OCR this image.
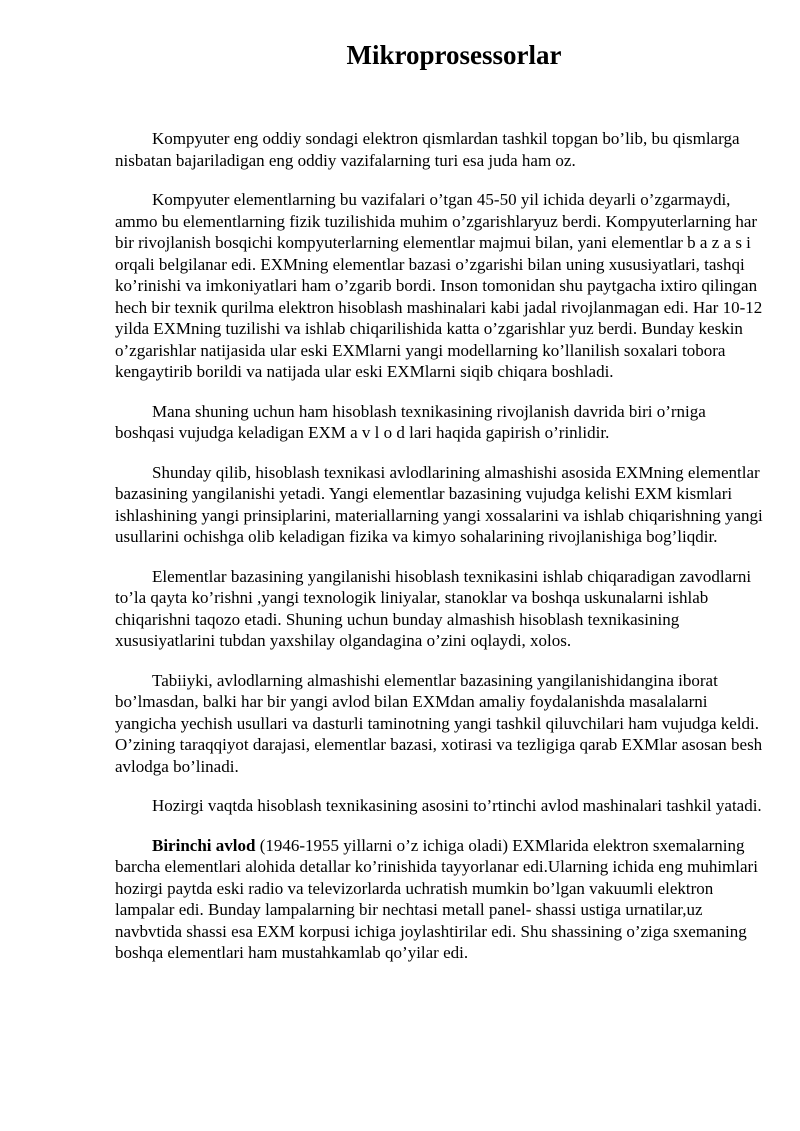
Mikroprosessorlar

Kompyuter eng oddiy sondagi elektron qismlardan tashkil topgan bo’lib, bu qismlarga nisbatan bajariladigan eng oddiy vazifalarning turi esa juda ham oz.

Kompyuter elementlarning bu vazifalari o’tgan 45-50 yil ichida deyarli o’zgarmaydi, ammo bu elementlarning fizik tuzilishida muhim o’zgarishlaryuz berdi. Kompyuterlarning har bir rivojlanish bosqichi kompyuterlarning elementlar majmui bilan, yani elementlar b a z a s i orqali belgilanar edi. EXMning elementlar bazasi o’zgarishi bilan uning xususiyatlari, tashqi ko’rinishi va imkoniyatlari ham o’zgarib bordi. Inson tomonidan shu paytgacha ixtiro qilingan hech bir texnik qurilma elektron hisoblash mashinalari kabi jadal rivojlanmagan edi. Har 10-12 yilda EXMning tuzilishi va ishlab chiqarilishida katta o’zgarishlar yuz berdi. Bunday keskin o’zgarishlar natijasida ular eski EXMlarni yangi modellarning ko’llanilish soxalari tobora kengaytirib borildi va natijada ular eski EXMlarni siqib chiqara boshladi.

Mana shuning uchun ham hisoblash texnikasining rivojlanish davrida biri o’rniga boshqasi vujudga keladigan EXM a v l o d lari haqida gapirish o’rinlidir.

Shunday qilib, hisoblash texnikasi avlodlarining almashishi asosida EXMning elementlar bazasining yangilanishi yetadi. Yangi elementlar bazasining vujudga kelishi EXM kismlari ishlashining yangi prinsiplarini, materiallarning yangi xossalarini va ishlab chiqarishning yangi usullarini ochishga olib keladigan fizika va kimyo sohalarining rivojlanishiga bog’liqdir.

Elementlar bazasining yangilanishi hisoblash texnikasini ishlab chiqaradigan zavodlarni to’la qayta ko’rishni ,yangi texnologik liniyalar, stanoklar va boshqa uskunalarni ishlab chiqarishni taqozo etadi. Shuning uchun bunday almashish hisoblash texnikasining xususiyatlarini tubdan yaxshilay olgandagina o’zini oqlaydi, xolos.

Tabiiyki, avlodlarning almashishi elementlar bazasining yangilanishidangina iborat bo’lmasdan, balki har bir yangi avlod bilan EXMdan amaliy foydalanishda masalalarni yangicha yechish usullari va dasturli taminotning yangi tashkil qiluvchilari ham vujudga keldi. O’zining taraqqiyot darajasi, elementlar bazasi, xotirasi va tezligiga qarab EXMlar asosan besh avlodga bo’linadi.

Hozirgi vaqtda hisoblash texnikasining asosini to’rtinchi avlod mashinalari tashkil yatadi.

Birinchi avlod (1946-1955 yillarni o’z ichiga oladi) EXMlarida elektron sxemalarning barcha elementlari alohida detallar ko’rinishida tayyorlanar edi.Ularning ichida eng muhimlari hozirgi paytda eski radio va televizorlarda uchratish mumkin bo’lgan vakuumli elektron lampalar edi. Bunday lampalarning bir nechtasi metall panel- shassi ustiga urnatilar,uz navbvtida shassi esa EXM korpusi ichiga joylashtirilar edi. Shu shassining o’ziga sxemaning boshqa elementlari ham mustahkamlab qo’yilar edi.
